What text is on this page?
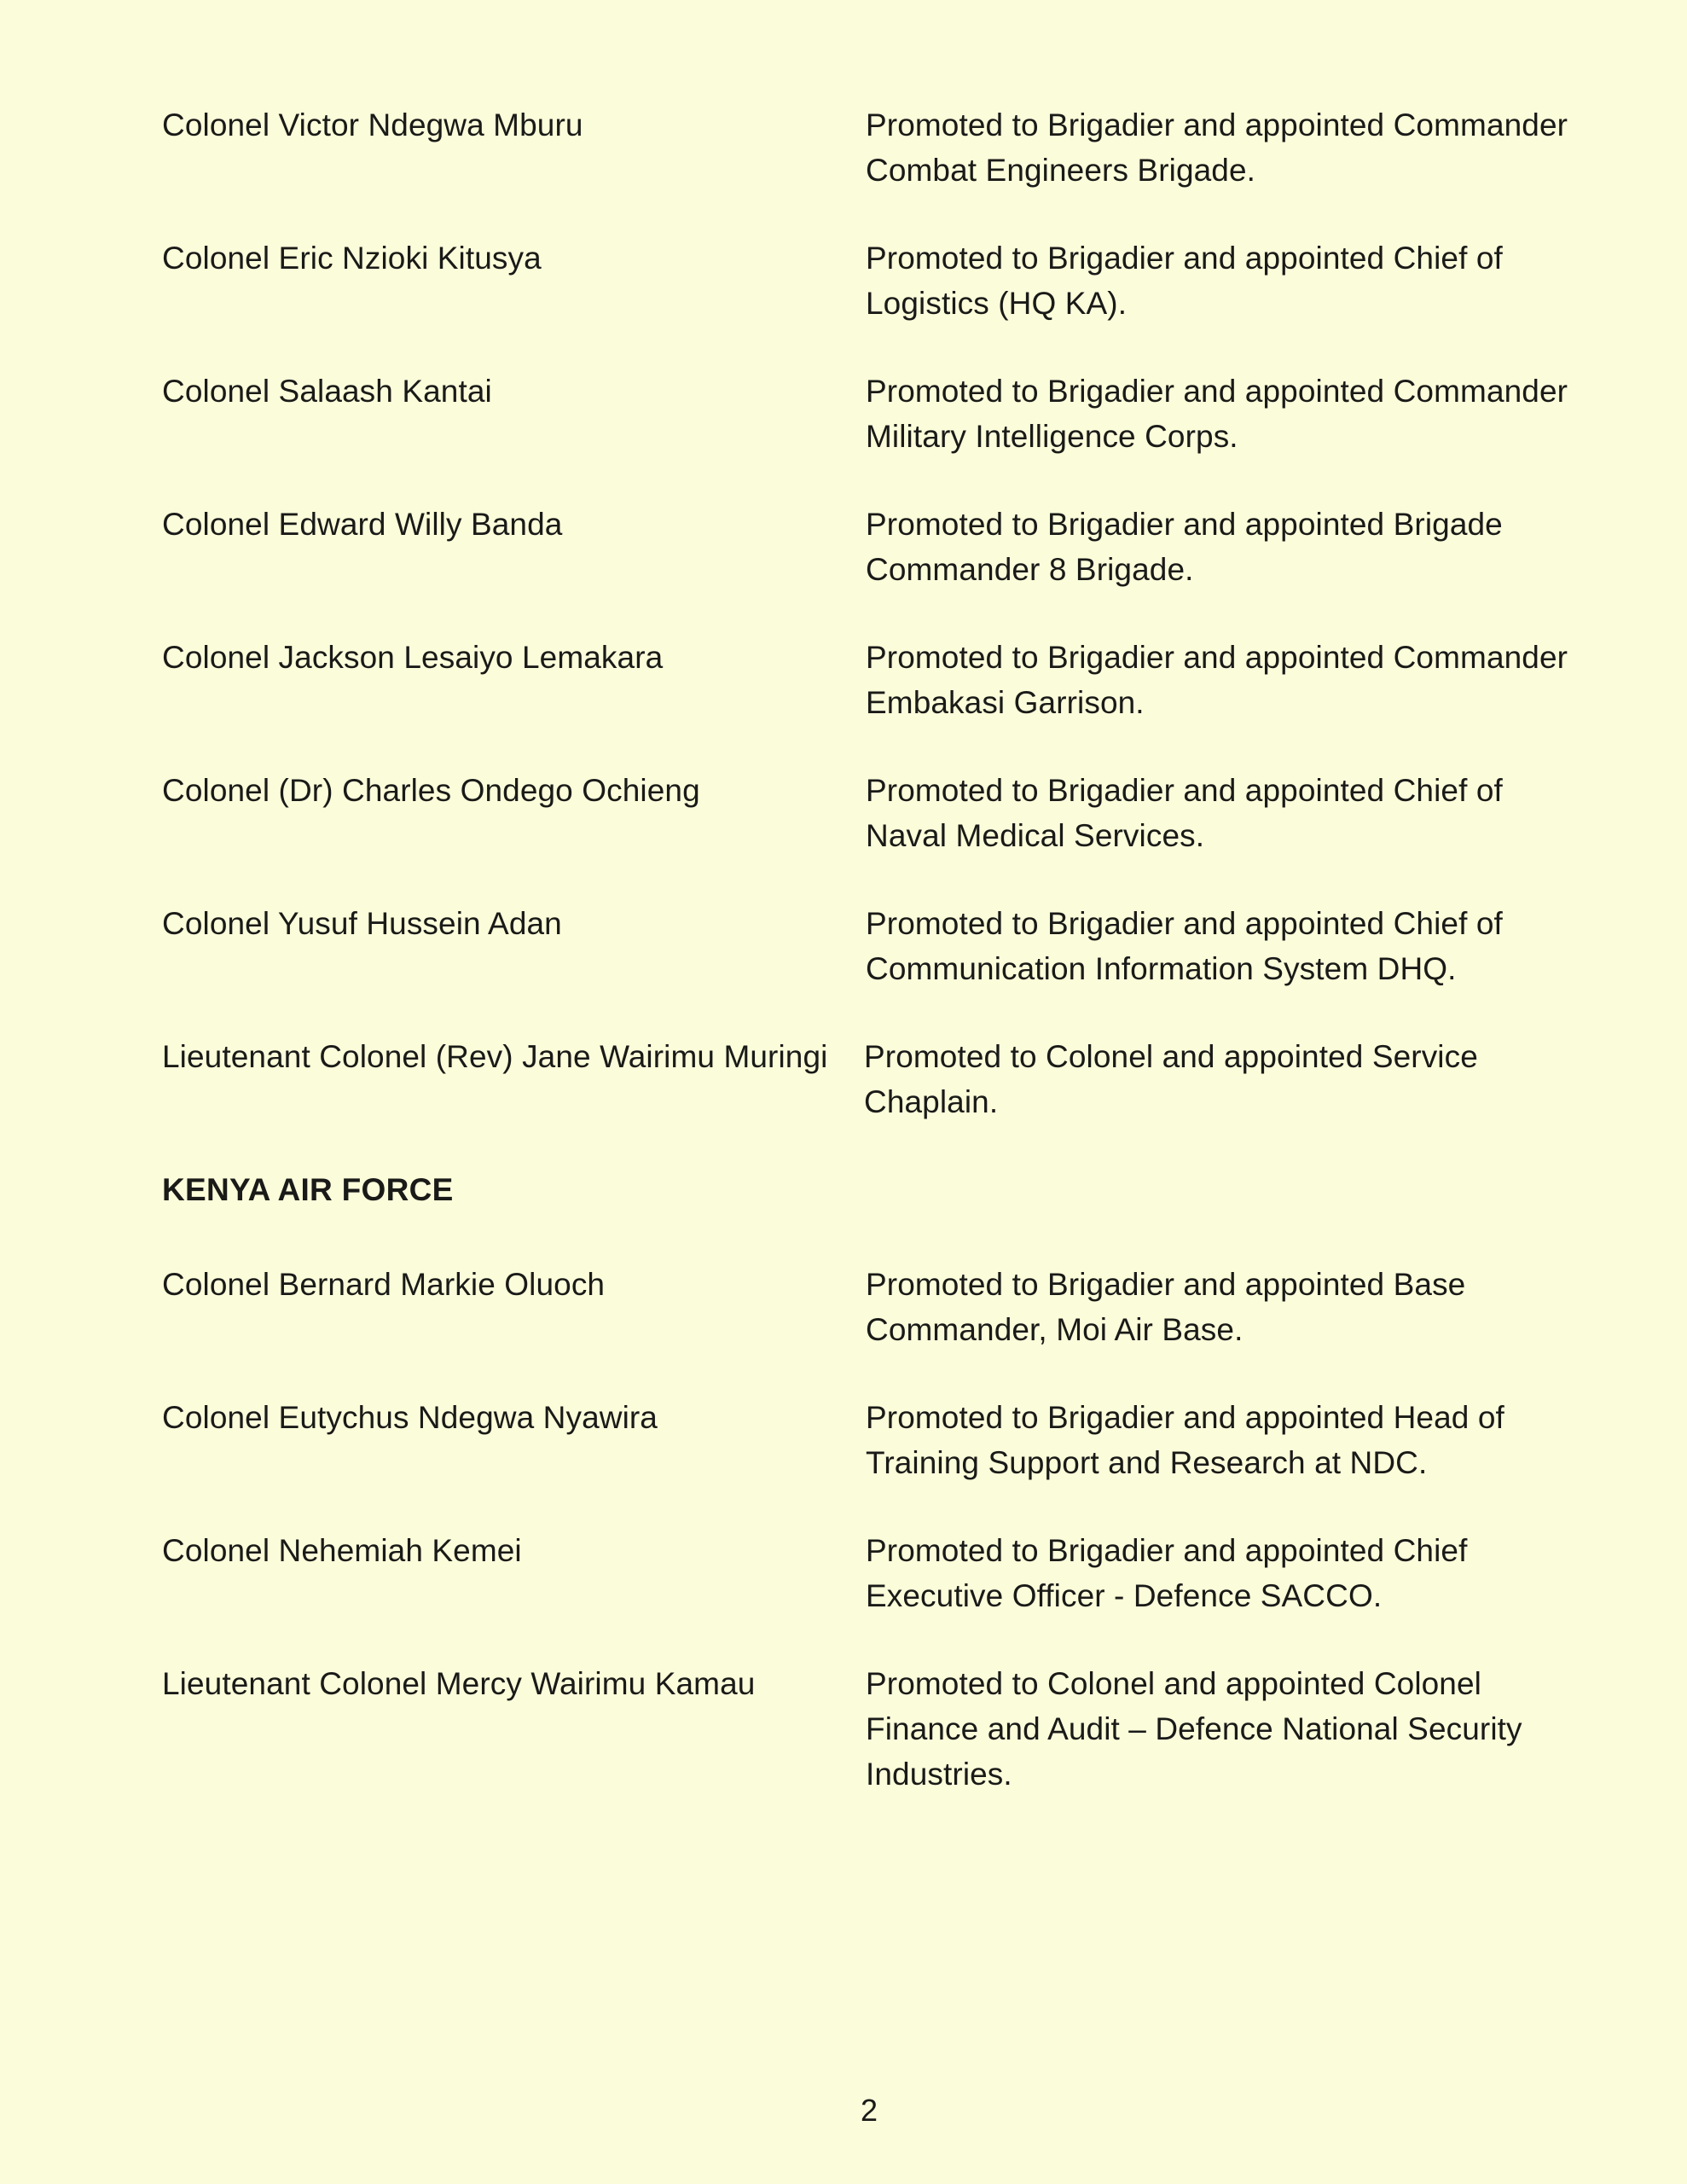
Colonel Victor Ndegwa Mburu	Promoted to Brigadier and appointed Commander Combat Engineers Brigade.
Colonel Eric Nzioki Kitusya	Promoted to Brigadier and appointed Chief of Logistics (HQ KA).
Colonel Salaash Kantai	Promoted to Brigadier and appointed Commander Military Intelligence Corps.
Colonel Edward Willy Banda	Promoted to Brigadier and appointed Brigade Commander 8 Brigade.
Colonel Jackson Lesaiyo Lemakara	Promoted to Brigadier and appointed Commander Embakasi Garrison.
Colonel (Dr) Charles Ondego Ochieng	Promoted to Brigadier and appointed Chief of Naval Medical Services.
Colonel Yusuf Hussein Adan	Promoted to Brigadier and appointed Chief of Communication Information System DHQ.
Lieutenant Colonel (Rev) Jane Wairimu Muringi	Promoted to Colonel and appointed Service Chaplain.
KENYA AIR FORCE
Colonel Bernard Markie Oluoch	Promoted to Brigadier and appointed Base Commander, Moi Air Base.
Colonel Eutychus Ndegwa Nyawira	Promoted to Brigadier and appointed Head of Training Support and Research at NDC.
Colonel Nehemiah Kemei	Promoted to Brigadier and appointed Chief Executive Officer - Defence SACCO.
Lieutenant Colonel Mercy Wairimu Kamau	Promoted to Colonel and appointed Colonel Finance and Audit – Defence National Security Industries.
2
